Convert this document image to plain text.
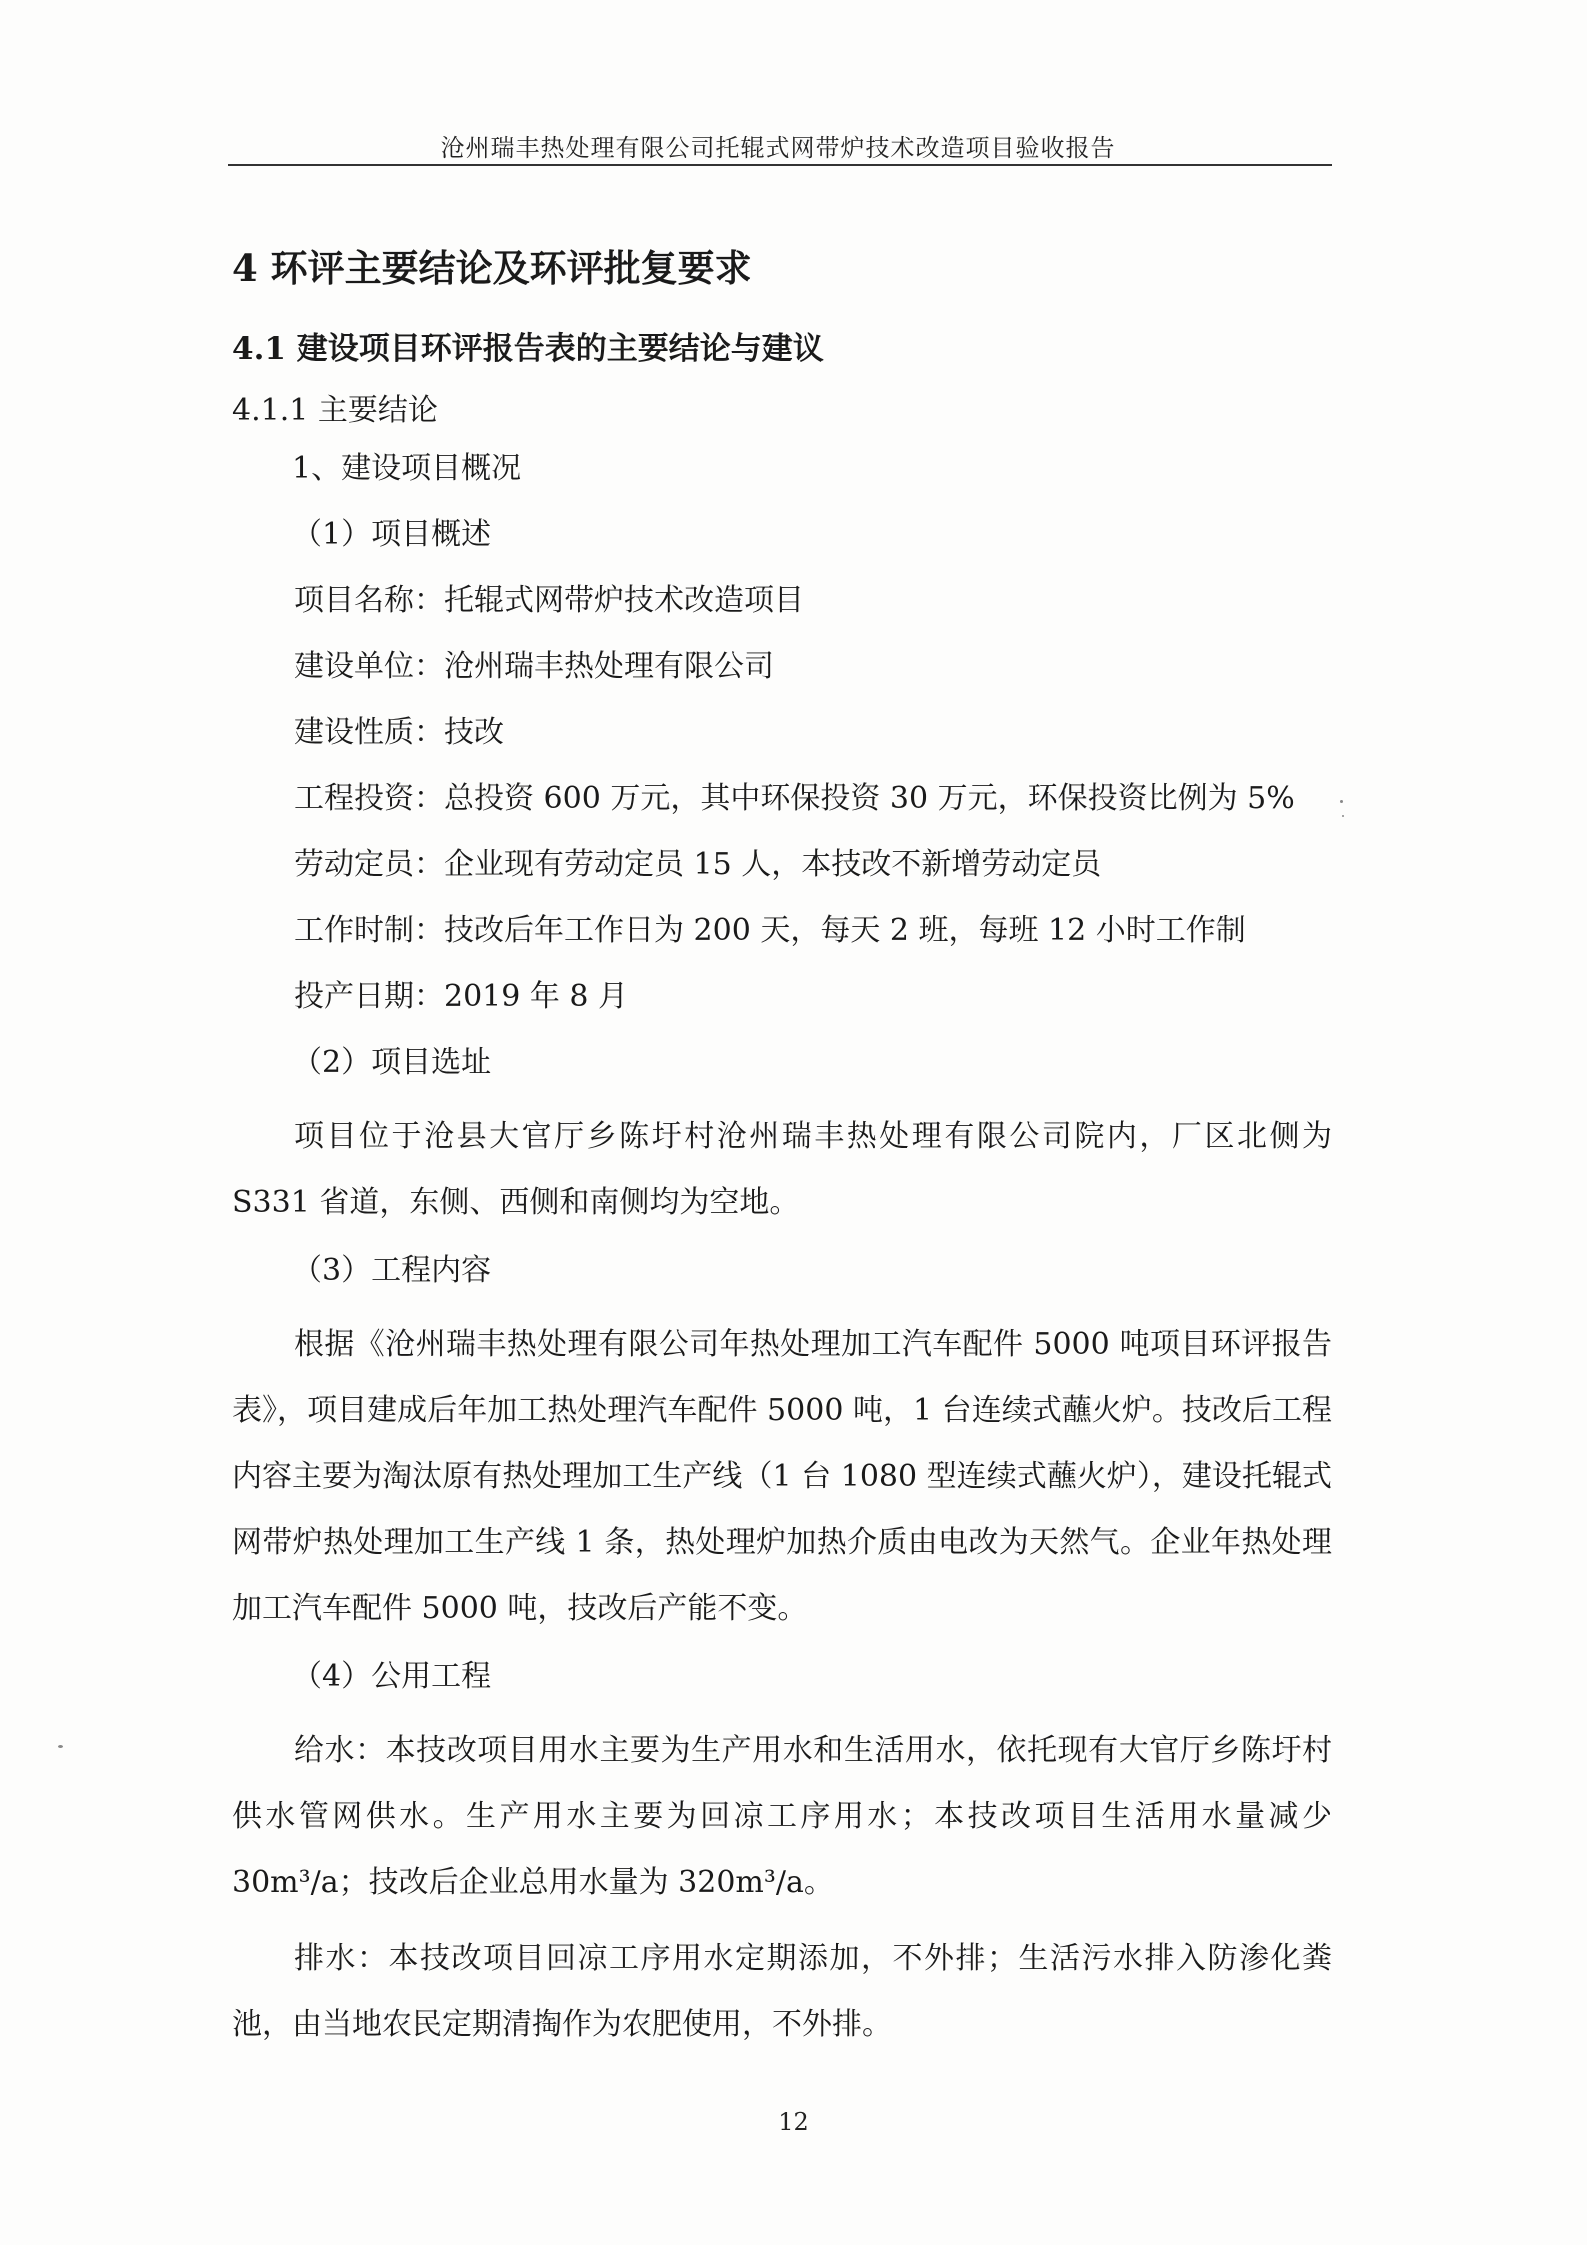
沧州瑞丰热处理有限公司托辊式网带炉技术改造项目验收报告
4 环评主要结论及环评批复要求
4.1 建设项目环评报告表的主要结论与建议
4.1.1 主要结论
1、建设项目概况
（1）项目概述
项目名称：托辊式网带炉技术改造项目
建设单位：沧州瑞丰热处理有限公司
建设性质：技改
工程投资：总投资 600 万元，其中环保投资 30 万元，环保投资比例为 5%
劳动定员：企业现有劳动定员 15 人，本技改不新增劳动定员
工作时制：技改后年工作日为 200 天，每天 2 班，每班 12 小时工作制
投产日期：2019 年 8 月
（2）项目选址
项目位于沧县大官厅乡陈圩村沧州瑞丰热处理有限公司院内，厂区北侧为 S331 省道，东侧、西侧和南侧均为空地。
（3）工程内容
根据《沧州瑞丰热处理有限公司年热处理加工汽车配件 5000 吨项目环评报告表》，项目建成后年加工热处理汽车配件 5000 吨，1 台连续式蘸火炉。技改后工程内容主要为淘汰原有热处理加工生产线（1 台 1080 型连续式蘸火炉），建设托辊式网带炉热处理加工生产线 1 条，热处理炉加热介质由电改为天然气。企业年热处理加工汽车配件 5000 吨，技改后产能不变。
（4）公用工程
给水：本技改项目用水主要为生产用水和生活用水，依托现有大官厅乡陈圩村供水管网供水。生产用水主要为回凉工序用水；本技改项目生活用水量减少 30m³/a；技改后企业总用水量为 320m³/a。
排水：本技改项目回凉工序用水定期添加，不外排；生活污水排入防渗化粪池，由当地农民定期清掏作为农肥使用，不外排。
12
